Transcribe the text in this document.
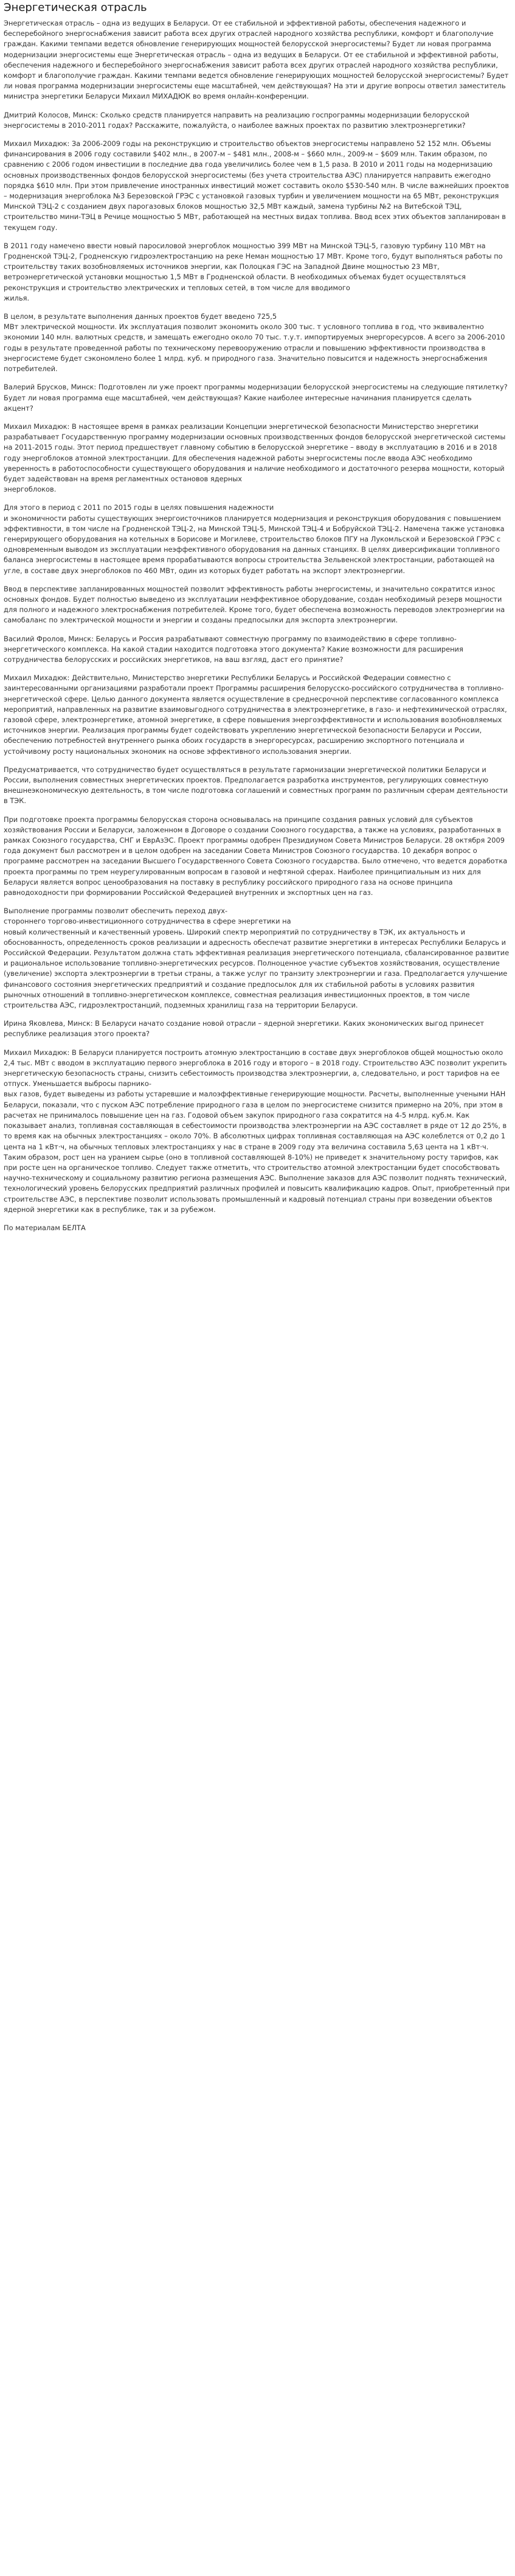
Энергетическая отрасль

Энергетическая отрасль – одна из ведущих в Беларуси. От ее стабильной и эффективной работы, обеспечения надежного и бесперебойного энергоснабжения зависит работа всех других отраслей народного хозяйства республики, комфорт и благополучие граждан. Какими темпами ведется обновление генерирующих мощностей белорусской энергосистемы? Будет ли новая программа модернизации энергосистемы еще Энергетическая отрасль – одна из ведущих в Беларуси. От ее стабильной и эффективной работы, обеспечения надежного и бесперебойного энергоснабжения зависит работа всех других отраслей народного хозяйства республики, комфорт и благополучие граждан. Какими темпами ведется обновление генерирующих мощностей белорусской энергосистемы? Будет ли новая программа модернизации энергосистемы еще масштабней, чем действующая? На эти и другие вопросы ответил заместитель министра энергетики Беларуси Михаил МИХАДЮК во время онлайн-конференции.

Дмитрий Колосов, Минск: Сколько средств планируется направить на реализацию госпрограммы модернизации белорусской энергосистемы в 2010-2011 годах? Расскажите, пожалуйста, о наиболее важных проектах по развитию электроэнергетики?

Михаил Михадюк: За 2006-2009 годы на реконструкцию и строительство объектов энергосистемы направлено 52 152 млн. Объемы финансирования в 2006 году составили $402 млн., в 2007-м – $481 млн., 2008-м – $660 млн., 2009-м – $609 млн. Таким образом, по сравнению с 2006 годом инвестиции в последние два года увеличились более чем в 1,5 раза. В 2010 и 2011 годы на модернизацию основных производственных фондов белорусской энергосистемы (без учета строительства АЭС) планируется направить ежегодно порядка $610 млн. При этом привлечение иностранных инвестиций может составить около $530-540 млн. В числе важнейших проектов – модернизация энергоблока №3 Березовской ГРЭС с установкой газовых турбин и увеличением мощности на 65 МВт, реконструкция Минской ТЭЦ-2 с созданием двух парогазовых блоков мощностью 32,5 МВт каждый, замена турбины №2 на Витебской ТЭЦ, строительство мини-ТЭЦ в Речице мощностью 5 МВт, работающей на местных видах топлива. Ввод всех этих объектов запланирован в текущем году.

В 2011 году намечено ввести новый паросиловой энергоблок мощностью 399 МВт на Минской ТЭЦ-5, газовую турбину 110 МВт на Гродненской ТЭЦ-2, Гродненскую гидроэлектростанцию на реке Неман мощностью 17 МВт. Кроме того, будут выполняться работы по строительству таких возобновляемых источников энергии, как Полоцкая ГЭС на Западной Двине мощностью 23 МВт, ветроэнергетической установки мощностью 1,5 МВт в Гродненской области. В необходимых объемах будет осуществляться реконструкция и строительство электрических и тепловых сетей, в том числе для вводимого
жилья.

В целом, в результате выполнения данных проектов будет введено 725,5
МВт электрической мощности. Их эксплуатация позволит экономить около 300 тыс. т условного топлива в год, что эквивалентно экономии 140 млн. валютных средств, и замещать ежегодно около 70 тыс. т.у.т. импортируемых энергоресурсов. А всего за 2006-2010 годы в результате проведенной работы по техническому перевооружению отрасли и повышению эффективности производства в энергосистеме будет сэкономлено более 1 млрд. куб. м природного газа. Значительно повысится и надежность энергоснабжения потребителей.

Валерий Брусков, Минск: Подготовлен ли уже проект программы модернизации белорусской энергосистемы на следующие пятилетку? Будет ли новая программа еще масштабней, чем действующая? Какие наиболее интересные начинания планируется сделать
акцент?

Михаил Михадюк: В настоящее время в рамках реализации Концепции энергетической безопасности Министерство энергетики разрабатывает Государственную программу модернизации основных производственных фондов белорусской энергетической системы на 2011-2015 годы. Этот период предшествует главному событию в белорусской энергетике – вводу в эксплуатацию в 2016 и в 2018 году энергоблоков атомной электростанции. Для обеспечения надежной работы энергосистемы после ввода АЭС необходимо уверенность в работоспособности существующего оборудования и наличие необходимого и достаточного резерва мощности, который будет задействован на время регламентных остановов ядерных
энергоблоков.

Для этого в период с 2011 по 2015 годы в целях повышения надежности
и экономичности работы существующих энергоисточников планируется модернизация и реконструкция оборудования с повышением эффективности, в том числе на Гродненской ТЭЦ-2, на Минской ТЭЦ-5, Минской ТЭЦ-4 и Бобруйской ТЭЦ-2. Намечена также установка генерирующего оборудования на котельных в Борисове и Могилеве, строительство блоков ПГУ на Лукомльской и Березовской ГРЭС с одновременным выводом из эксплуатации неэффективного оборудования на данных станциях. В целях диверсификации топливного баланса энергосистемы в настоящее время прорабатываются вопросы строительства Зельвенской электростанции, работающей на угле, в составе двух энергоблоков по 460 МВт, один из которых будет работать на экспорт электроэнергии.

Ввод в перспективе запланированных мощностей позволит эффективность работы энергосистемы, и значительно сократится износ основных фондов. Будет полностью выведено из эксплуатации неэффективное оборудование, создан необходимый резерв мощности для полного и надежного электроснабжения потребителей. Кроме того, будет обеспечена возможность переводов электроэнергии на самобаланс по электрической мощности и энергии и созданы предпосылки для экспорта электроэнергии.

Василий Фролов, Минск: Беларусь и Россия разрабатывают совместную программу по взаимодействию в сфере топливно-энергетического комплекса. На какой стадии находится подготовка этого документа? Какие возможности для расширения сотрудничества белорусских и российских энергетиков, на ваш взгляд, даст его принятие?

Михаил Михадюк: Действительно, Министерство энергетики Республики Беларусь и Российской Федерации совместно с заинтересованными организациями разработали проект Программы расширения белорусско-российского сотрудничества в топливно-энергетической сфере. Целью данного документа является осуществление в среднесрочной перспективе согласованного комплекса мероприятий, направленных на развитие взаимовыгодного сотрудничества в электроэнергетике, в газо- и нефтехимической отраслях, газовой сфере, электроэнергетике, атомной энергетике, в сфере повышения энергоэффективности и использования возобновляемых источников энергии. Реализация программы будет содействовать укреплению энергетической безопасности Беларуси и России, обеспечению потребностей внутреннего рынка обоих государств в энергоресурсах, расширению экспортного потенциала и устойчивому росту национальных экономик на основе эффективного использования энергии.

Предусматривается, что сотрудничество будет осуществляться в результате гармонизации энергетической политики Беларуси и России, выполнения совместных энергетических проектов. Предполагается разработка инструментов, регулирующих совместную внешнеэкономическую деятельность, в том числе подготовка соглашений и совместных программ по различным сферам деятельности в ТЭК.

При подготовке проекта программы белорусская сторона основывалась на принципе создания равных условий для субъектов хозяйствования России и Беларуси, заложенном в Договоре о создании Союзного государства, а также на условиях, разработанных в рамках Союзного государства, СНГ и ЕврАзЭС. Проект программы одобрен Президиумом Совета Министров Беларуси. 28 октября 2009 года документ был рассмотрен и в целом одобрен на заседании Совета Министров Союзного государства. 10 декабря вопрос о программе рассмотрен на заседании Высшего Государственного Совета Союзного государства. Было отмечено, что ведется доработка проекта программы по трем неурегулированным вопросам в газовой и нефтяной сферах. Наиболее принципиальным из них для Беларуси является вопрос ценообразования на поставку в республику российского природного газа на основе принципа равнодоходности при формировании Российской Федерацией внутренних и экспортных цен на газ.

Выполнение программы позволит обеспечить переход двух-
стороннего торгово-инвестиционного сотрудничества в сфере энергетики на
новый количественный и качественный уровень. Широкий спектр мероприятий по сотрудничеству в ТЭК, их актуальность и обоснованность, определенность сроков реализации и адресность обеспечат развитие энергетики в интересах Республики Беларусь и Российской Федерации. Результатом должна стать эффективная реализация энергетического потенциала, сбалансированное развитие и рациональное использование топливно-энергетических ресурсов. Полноценное участие субъектов хозяйствования, осуществление (увеличение) экспорта электроэнергии в третьи страны, а также услуг по транзиту электроэнергии и газа. Предполагается улучшение финансового состояния энергетических предприятий и создание предпосылок для их стабильной работы в условиях развития рыночных отношений в топливно-энергетическом комплексе, совместная реализация инвестиционных проектов, в том числе строительства АЭС, гидроэлектростанций, подземных хранилищ газа на территории Беларуси.

Ирина Яковлева, Минск: В Беларуси начато создание новой отрасли – ядерной энергетики. Каких экономических выгод принесет республике реализация этого проекта?

Михаил Михадюк: В Беларуси планируется построить атомную электростанцию в составе двух энергоблоков общей мощностью около 2,4 тыс. МВт с вводом в эксплуатацию первого энергоблока в 2016 году и второго – в 2018 году. Строительство АЭС позволит укрепить энергетическую безопасность страны, снизить себестоимость производства электроэнергии, а, следовательно, и рост тарифов на ее отпуск. Уменьшается выбросы парнико-
вых газов, будет выведены из работы устаревшие и малоэффективные генерирующие мощности. Расчеты, выполненные учеными НАН Беларуси, показали, что с пуском АЭС потребление природного газа в целом по энергосистеме снизится примерно на 20%, при этом в расчетах не принималось повышение цен на газ. Годовой объем закупок природного газа сократится на 4-5 млрд. куб.м. Как показывает анализ, топливная составляющая в себестоимости производства электроэнергии на АЭС составляет в ряде от 12 до 25%, в то время как на обычных электростанциях – около 70%. В абсолютных цифрах топливная составляющая на АЭС колеблется от 0,2 до 1 цента на 1 кВт·ч, на обычных тепловых электростанциях у нас в стране в 2009 году эта величина составила 5,63 цента на 1 кВт·ч. Таким образом, рост цен на уранием сырье (оно в топливной составляющей 8-10%) не приведет к значительному росту тарифов, как при росте цен на органическое топливо. Следует также отметить, что строительство атомной электростанции будет способствовать научно-техническому и социальному развитию региона размещения АЭС. Выполнение заказов для АЭС позволит поднять технический, технологический уровень белорусских предприятий различных профилей и повысить квалификацию кадров. Опыт, приобретенный при строительстве АЭС, в перспективе позволит использовать промышленный и кадровый потенциал страны при возведении объектов ядерной энергетики как в республике, так и за рубежом.

По материалам БЕЛТА
